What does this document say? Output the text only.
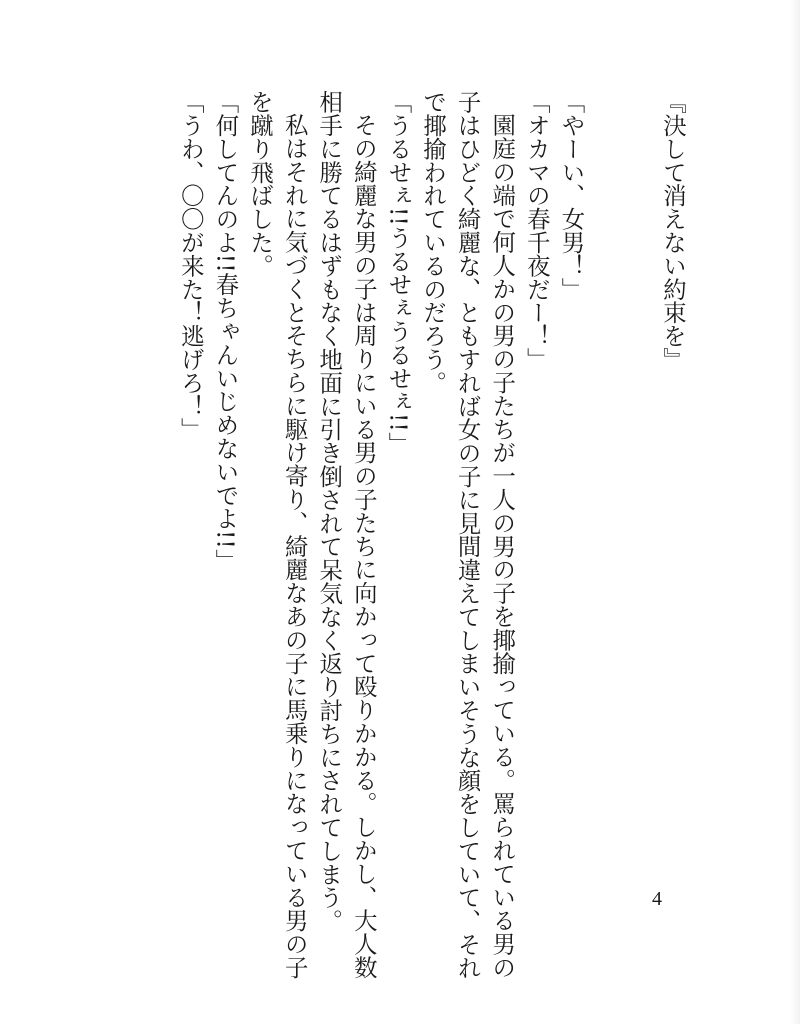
『決して消えない約束を』
「やーい、女男！」
「オカマの春千夜だー！」
園庭の端で何人かの男の子たちが一人の男の子を揶揄っている。罵られている男の
子はひどく綺麗な、ともすれば女の子に見間違えてしまいそうな顔をしていて、それ
で揶揄われているのだろう。
「うるせぇ!!うるせぇうるせぇ!!」
その綺麗な男の子は周りにいる男の子たちに向かって殴りかかる。しかし、大人数
相手に勝てるはずもなく地面に引き倒されて呆気なく返り討ちにされてしまう。
私はそれに気づくとそちらに駆け寄り、綺麗なあの子に馬乗りになっている男の子
を蹴り飛ばした。
「何してんのよ!!春ちゃんいじめないでよ!!」
「うわ、〇〇が来た！逃げろ！」
4
